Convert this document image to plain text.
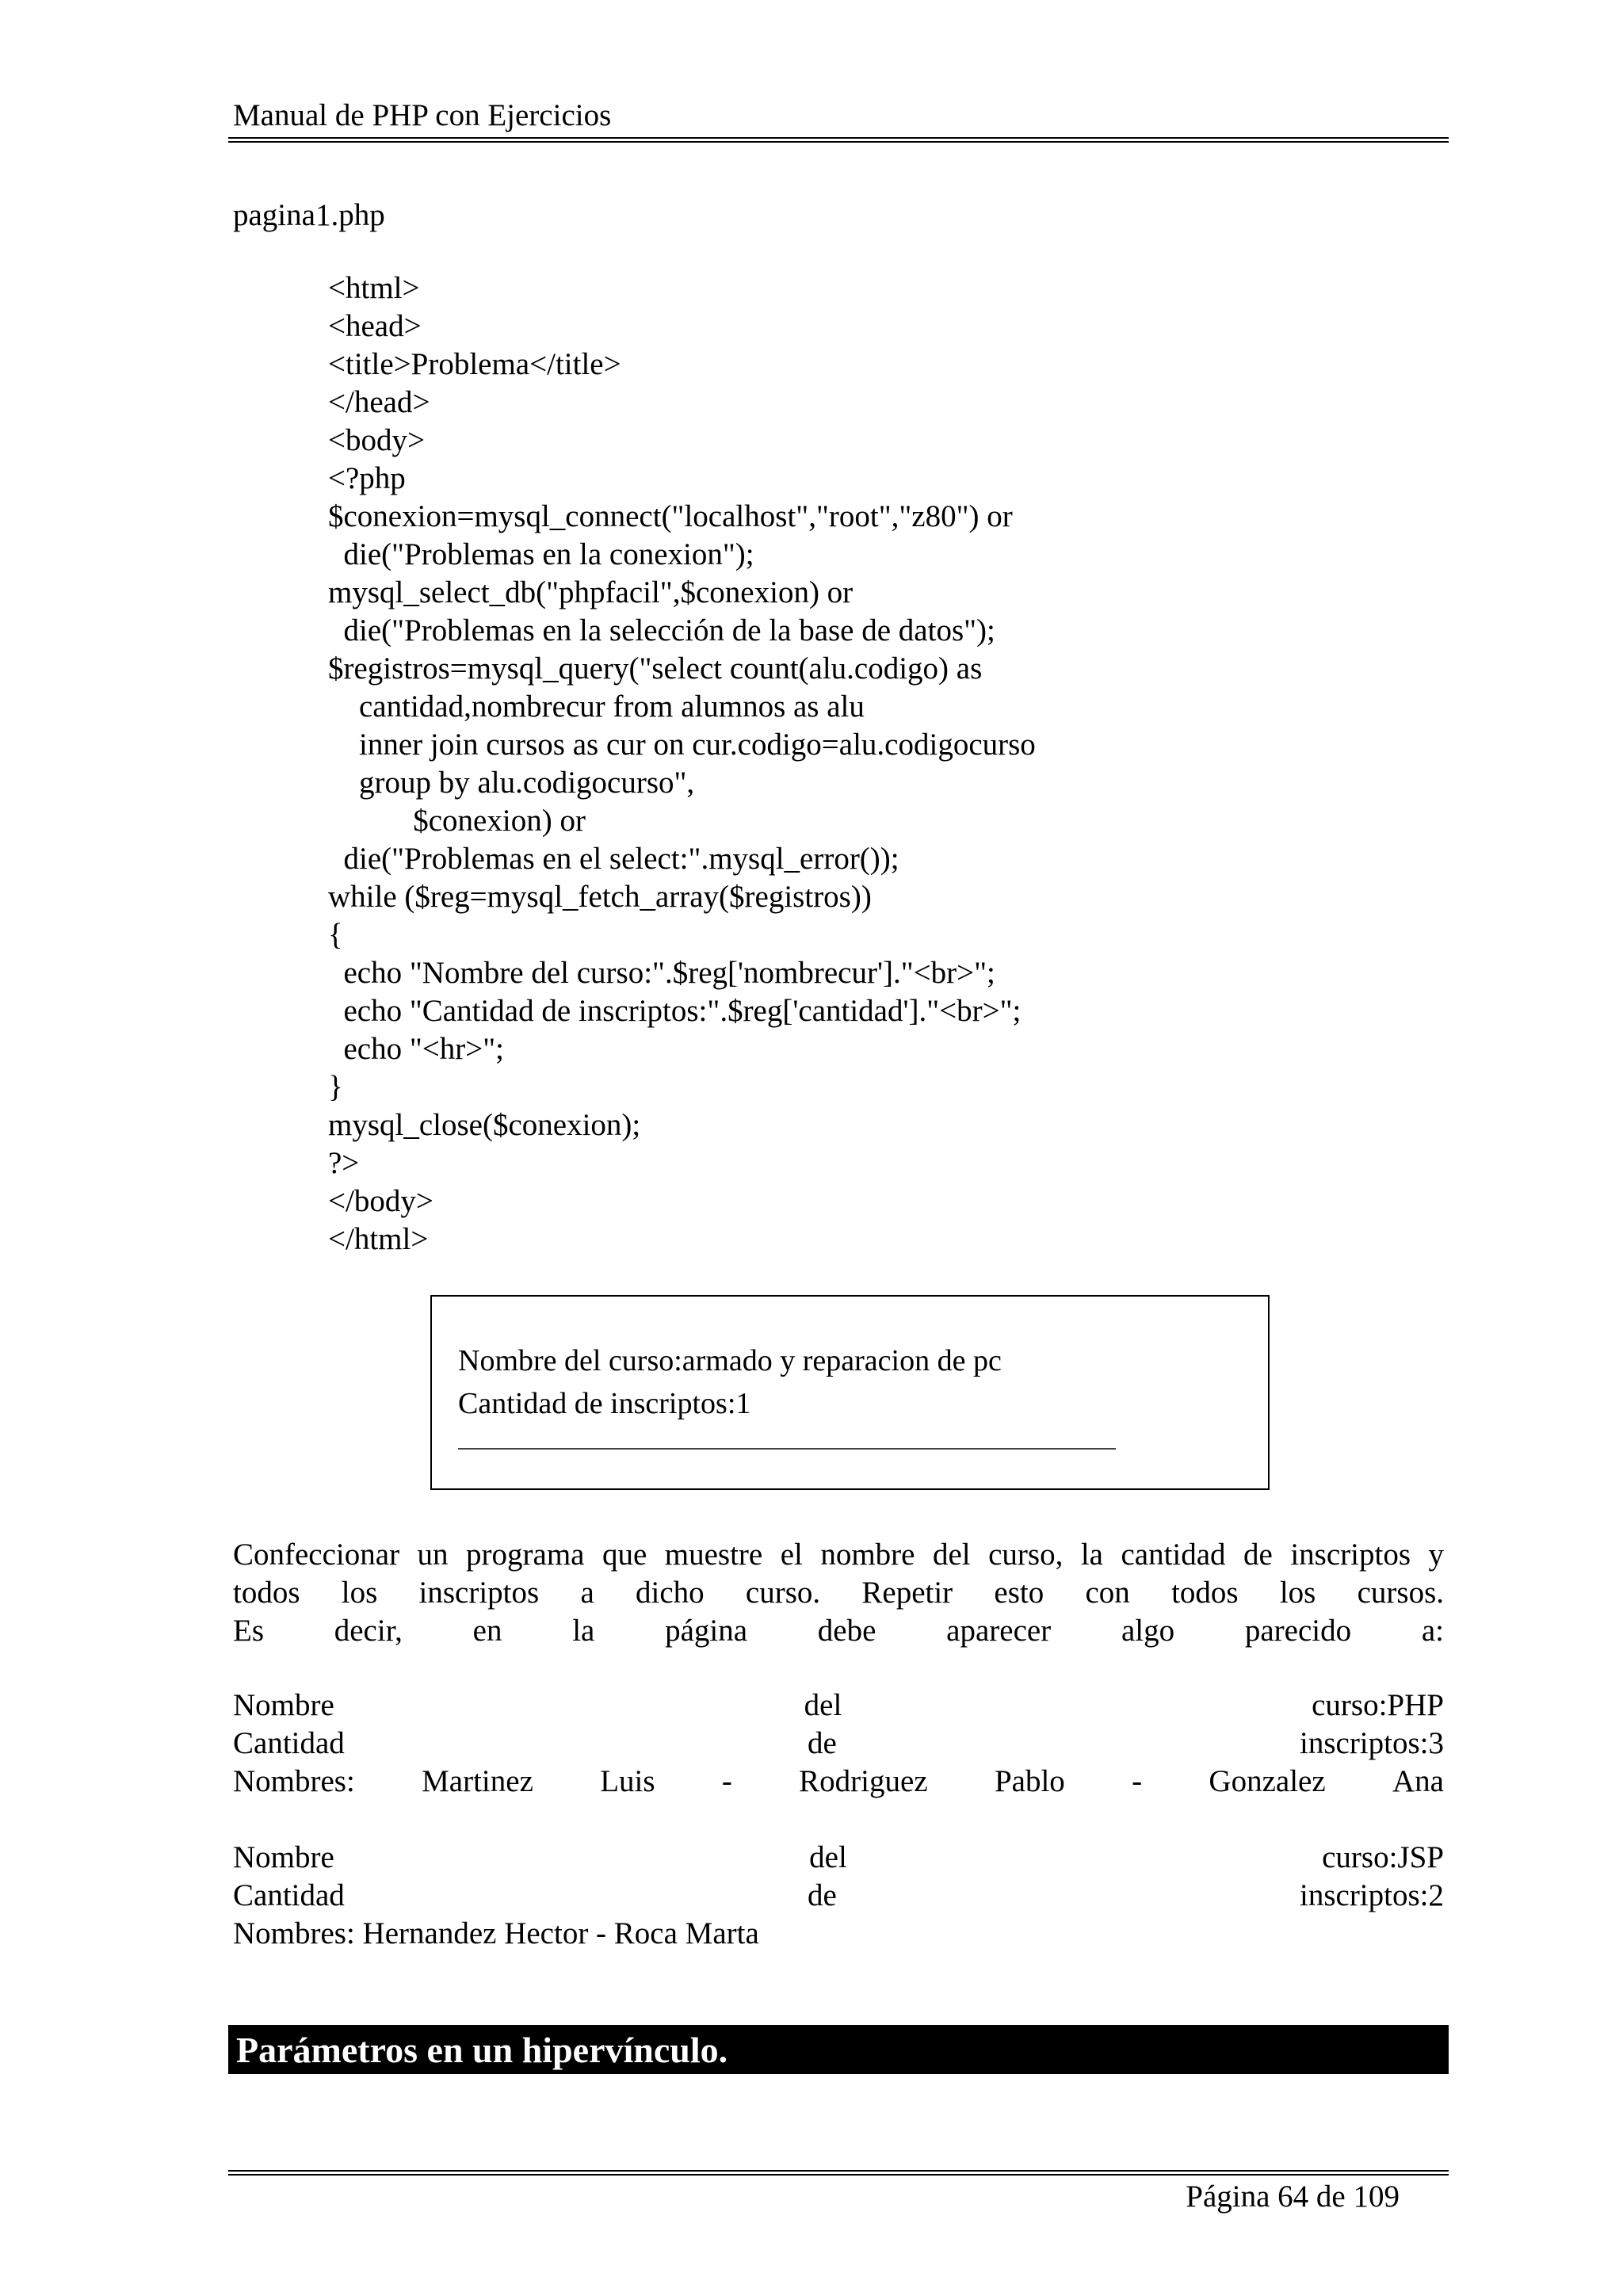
Manual de PHP con Ejercicios
pagina1.php
<html>
<head>
<title>Problema</title>
</head>
<body>
<?php
$conexion=mysql_connect("localhost","root","z80") or
die("Problemas en la conexion");
mysql_select_db("phpfacil",$conexion) or
die("Problemas en la selección de la base de datos");
$registros=mysql_query("select count(alu.codigo) as
cantidad,nombrecur from alumnos as alu
inner join cursos as cur on cur.codigo=alu.codigocurso
group by alu.codigocurso",
$conexion) or
die("Problemas en el select:".mysql_error());
while ($reg=mysql_fetch_array($registros))
{
echo "Nombre del curso:".$reg['nombrecur']."<br>";
echo "Cantidad de inscriptos:".$reg['cantidad']."<br>";
echo "<hr>";
}
mysql_close($conexion);
?>
</body>
</html>
Nombre del curso:armado y reparacion de pc
Cantidad de inscriptos:1
Confeccionar un programa que muestre el nombre del curso, la cantidad de inscriptos y
todos los inscriptos a dicho curso. Repetir esto con todos los cursos.
Es decir, en la página debe aparecer algo parecido a:
Nombre	del	curso:PHP
Cantidad	de	inscriptos:3
Nombres: Martinez Luis - Rodriguez Pablo - Gonzalez Ana
Nombre	del	curso:JSP
Cantidad	de	inscriptos:2
Nombres: Hernandez Hector - Roca Marta
Parámetros en un hipervínculo.
Página 64 de 109
